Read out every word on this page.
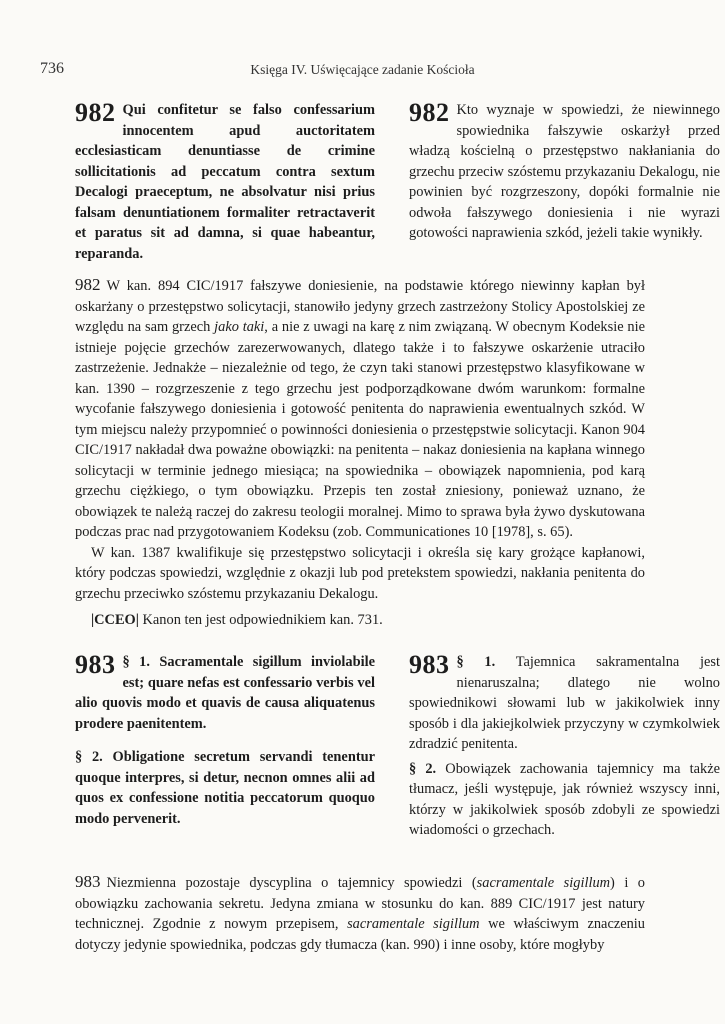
736	Księga IV. Uświęcające zadanie Kościoła

982 Qui confitetur se falso confessarium innocentem apud auctoritatem ecclesiasticam denuntiasse de crimine sollicitationis ad peccatum contra sextum Decalogi praeceptum, ne absolvatur nisi prius falsam denuntiationem formaliter retractaverit et paratus sit ad damna, si quae habeantur, reparanda.

982 Kto wyznaje w spowiedzi, że niewinnego spowiednika fałszywie oskarżył przed władzą kościelną o przestępstwo nakłaniania do grzechu przeciw szóstemu przykazaniu Dekalogu, nie powinien być rozgrzeszony, dopóki formalnie nie odwoła fałszywego doniesienia i nie wyrazi gotowości naprawienia szkód, jeżeli takie wynikły.

982 W kan. 894 CIC/1917 fałszywe doniesienie, na podstawie którego niewinny kapłan był oskarżany o przestępstwo solicytacji, stanowiło jedyny grzech zastrzeżony Stolicy Apostolskiej ze względu na sam grzech jako taki, a nie z uwagi na karę z nim związaną. W obecnym Kodeksie nie istnieje pojęcie grzechów zarezerwowanych, dlatego także i to fałszywe oskarżenie utraciło zastrzeżenie. Jednakże – niezależnie od tego, że czyn taki stanowi przestępstwo klasyfikowane w kan. 1390 – rozgrzeszenie z tego grzechu jest podporządkowane dwóm warunkom: formalne wycofanie fałszywego doniesienia i gotowość penitenta do naprawienia ewentualnych szkód. W tym miejscu należy przypomnieć o powinności doniesienia o przestępstwie solicytacji. Kanon 904 CIC/1917 nakładał dwa poważne obowiązki: na penitenta – nakaz doniesienia na kapłana winnego solicytacji w terminie jednego miesiąca; na spowiednika – obowiązek napomnienia, pod karą grzechu ciężkiego, o tym obowiązku. Przepis ten został zniesiony, ponieważ uznano, że obowiązek te należą raczej do zakresu teologii moralnej. Mimo to sprawa była żywo dyskutowana podczas prac nad przygotowaniem Kodeksu (zob. Communicationes 10 [1978], s. 65).

W kan. 1387 kwalifikuje się przestępstwo solicytacji i określa się kary grożące kapłanowi, który podczas spowiedzi, względnie z okazji lub pod pretekstem spowiedzi, nakłania penitenta do grzechu przeciwko szóstemu przykazaniu Dekalogu.

|CCEO| Kanon ten jest odpowiednikiem kan. 731.

983 § 1. Sacramentale sigillum inviolabile est; quare nefas est confessario verbis vel alio quovis modo et quavis de causa aliquatenus prodere paenitentem.

§ 2. Obligatione secretum servandi tenentur quoque interpres, si detur, necnon omnes alii ad quos ex confessione notitia peccatorum quoquo modo pervenerit.

983 § 1. Tajemnica sakramentalna jest nienaruszalna; dlatego nie wolno spowiednikowi słowami lub w jakikolwiek inny sposób i dla jakiejkolwiek przyczyny w czymkolwiek zdradzić penitenta.

§ 2. Obowiązek zachowania tajemnicy ma także tłumacz, jeśli występuje, jak również wszyscy inni, którzy w jakikolwiek sposób zdobyli ze spowiedzi wiadomości o grzechach.

983 Niezmienna pozostaje dyscyplina o tajemnicy spowiedzi (sacramentale sigillum) i o obowiązku zachowania sekretu. Jedyna zmiana w stosunku do kan. 889 CIC/1917 jest natury technicznej. Zgodnie z nowym przepisem, sacramentale sigillum we właściwym znaczeniu dotyczy jedynie spowiednika, podczas gdy tłumacza (kan. 990) i inne osoby, które mogłyby
